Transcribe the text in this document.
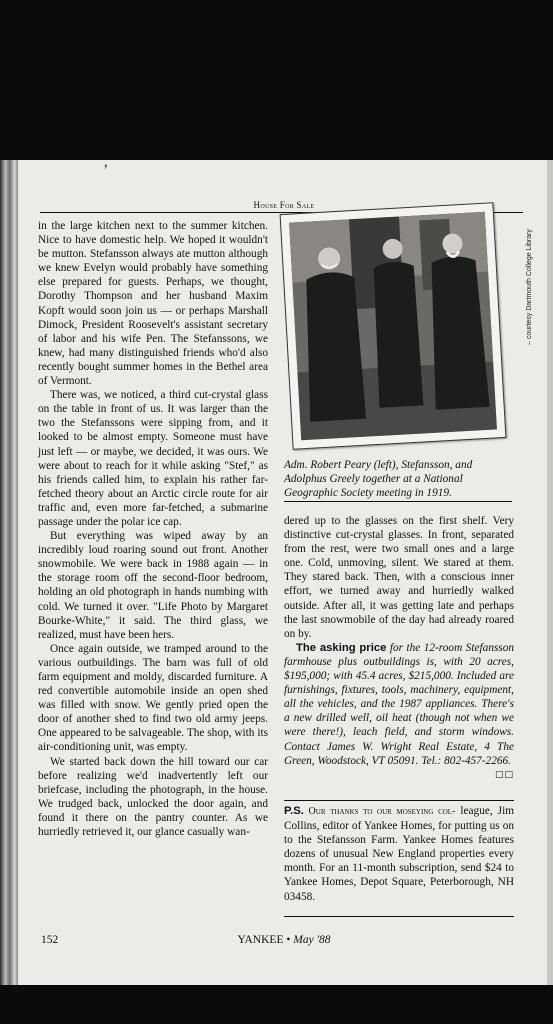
ʼ
House For Sale

in the large kitchen next to the summer kitchen. Nice to have domestic help. We hoped it wouldn't be mutton. Stefansson always ate mutton although we knew Evelyn would probably have something else prepared for guests. Perhaps, we thought, Dorothy Thompson and her husband Maxim Kopft would soon join us — or perhaps Marshall Dimock, President Roosevelt's assistant secretary of labor and his wife Pen. The Stefanssons, we knew, had many distinguished friends who'd also recently bought summer homes in the Bethel area of Vermont.

There was, we noticed, a third cut-crystal glass on the table in front of us. It was larger than the two the Stefanssons were sipping from, and it looked to be almost empty. Someone must have just left — or maybe, we decided, it was ours. We were about to reach for it while asking "Stef," as his friends called him, to explain his rather far-fetched theory about an Arctic circle route for air traffic and, even more far-fetched, a submarine passage under the polar ice cap.

But everything was wiped away by an incredibly loud roaring sound out front. Another snowmobile. We were back in 1988 again — in the storage room off the second-floor bedroom, holding an old photograph in hands numbing with cold. We turned it over. "Life Photo by Margaret Bourke-White," it said. The third glass, we realized, must have been hers.

Once again outside, we tramped around to the various outbuildings. The barn was full of old farm equipment and moldy, discarded furniture. A red convertible automobile inside an open shed was filled with snow. We gently pried open the door of another shed to find two old army jeeps. One appeared to be salvageable. The shop, with its air-conditioning unit, was empty.

We started back down the hill toward our car before realizing we'd inadvertently left our briefcase, including the photograph, in the house. We trudged back, unlocked the door again, and found it there on the pantry counter. As we hurriedly retrieved it, our glance casually wan-

– courtesy Dartmouth College Library
Adm. Robert Peary (left), Stefansson, and Adolphus Greely together at a National Geographic Society meeting in 1919.

dered up to the glasses on the first shelf. Very distinctive cut-crystal glasses. In front, separated from the rest, were two small ones and a large one. Cold, unmoving, silent. We stared at them. They stared back. Then, with a conscious inner effort, we turned away and hurriedly walked outside. After all, it was getting late and perhaps the last snowmobile of the day had already roared on by.

The asking price for the 12-room Stefansson farmhouse plus outbuildings is, with 20 acres, $195,000; with 45.4 acres, $215,000. Included are furnishings, fixtures, tools, machinery, equipment, all the vehicles, and the 1987 appliances. There's a new drilled well, oil heat (though not when we were there!), leach field, and storm windows. Contact James W. Wright Real Estate, 4 The Green, Woodstock, VT 05091. Tel.: 802-457-2266.
□□

P.S. Our thanks to our moseying col- league, Jim Collins, editor of Yankee Homes, for putting us on to the Stefansson Farm. Yankee Homes features dozens of unusual New England properties every month. For an 11-month subscription, send $24 to Yankee Homes, Depot Square, Peterborough, NH 03458.
152	YANKEE • May '88
